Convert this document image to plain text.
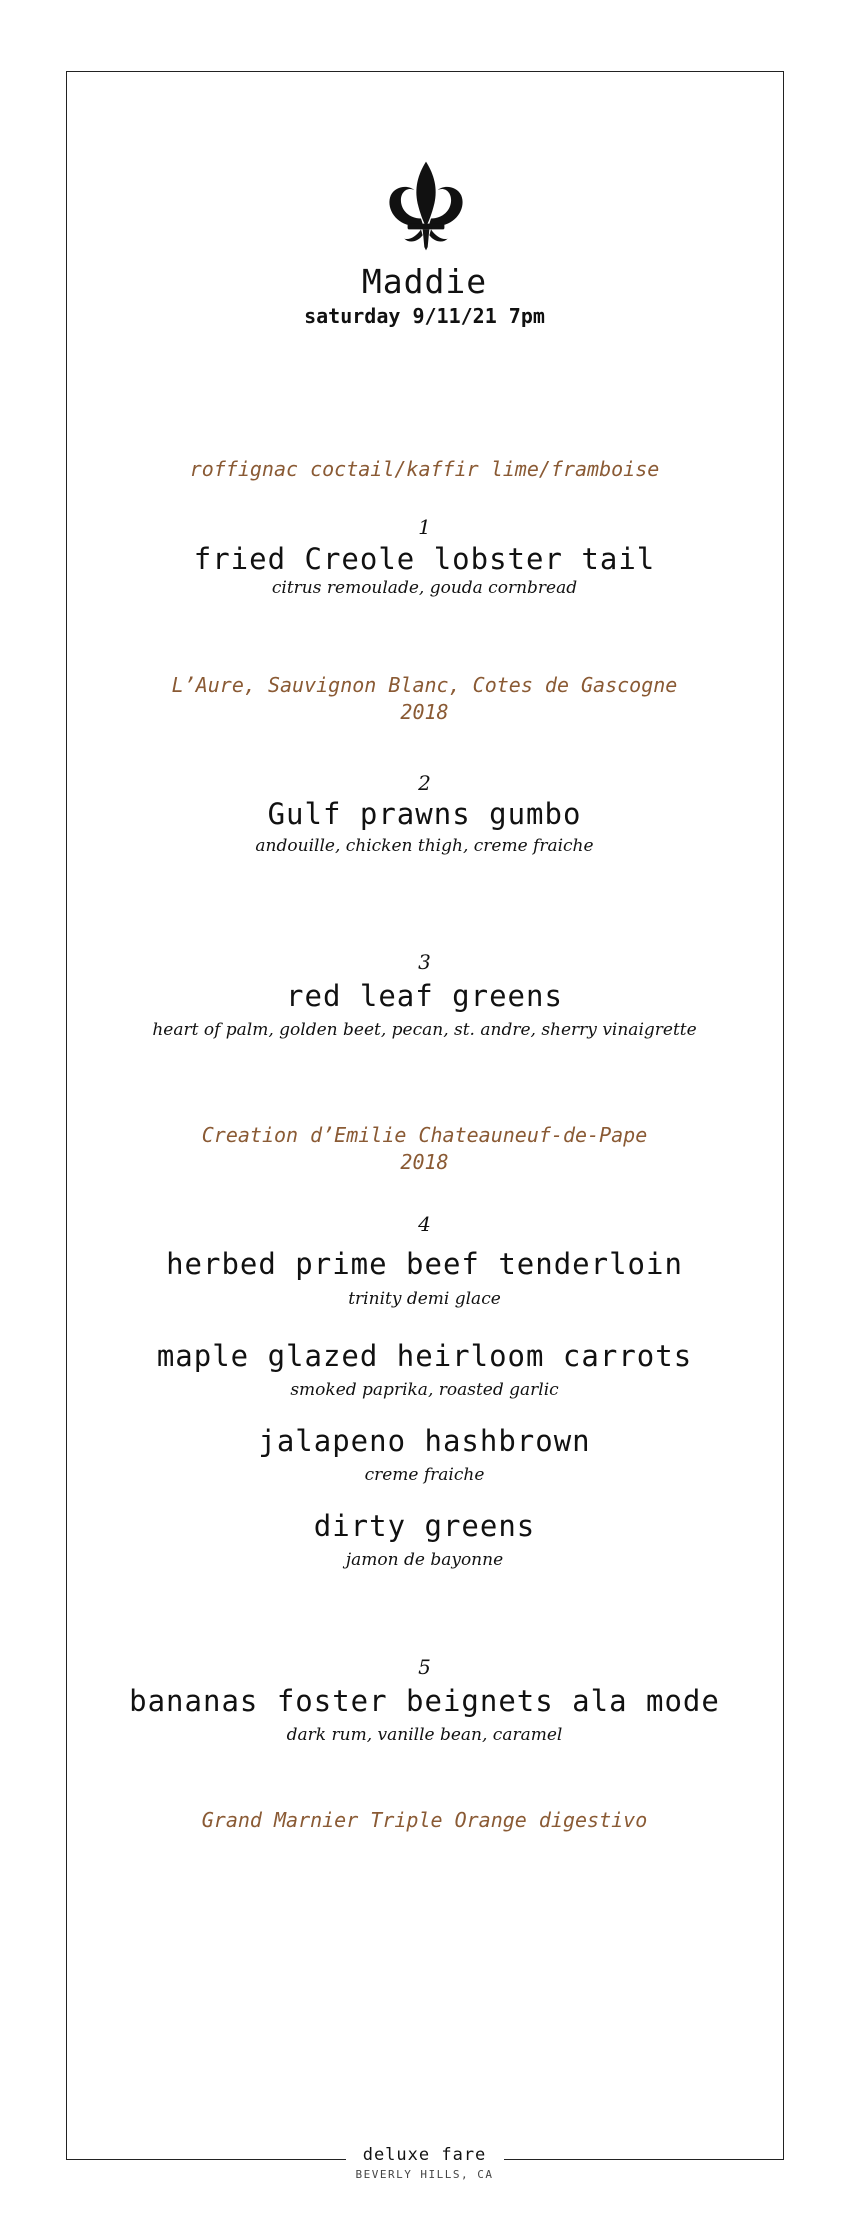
Maddie
saturday 9/11/21 7pm
roffignac coctail/kaffir lime/framboise
1
fried Creole lobster tail
citrus remoulade, gouda cornbread
L’Aure, Sauvignon Blanc, Cotes de Gascogne
2018
2
Gulf prawns gumbo
andouille, chicken thigh, creme fraiche
3
red leaf greens
heart of palm, golden beet, pecan, st. andre, sherry vinaigrette
Creation d’Emilie Chateauneuf-de-Pape
2018
4
herbed prime beef tenderloin
trinity demi glace
maple glazed heirloom carrots
smoked paprika, roasted garlic
jalapeno hashbrown
creme fraiche
dirty greens
jamon de bayonne
5
bananas foster beignets ala mode
dark rum, vanille bean, caramel
Grand Marnier Triple Orange digestivo
deluxe fare
BEVERLY HILLS, CA
